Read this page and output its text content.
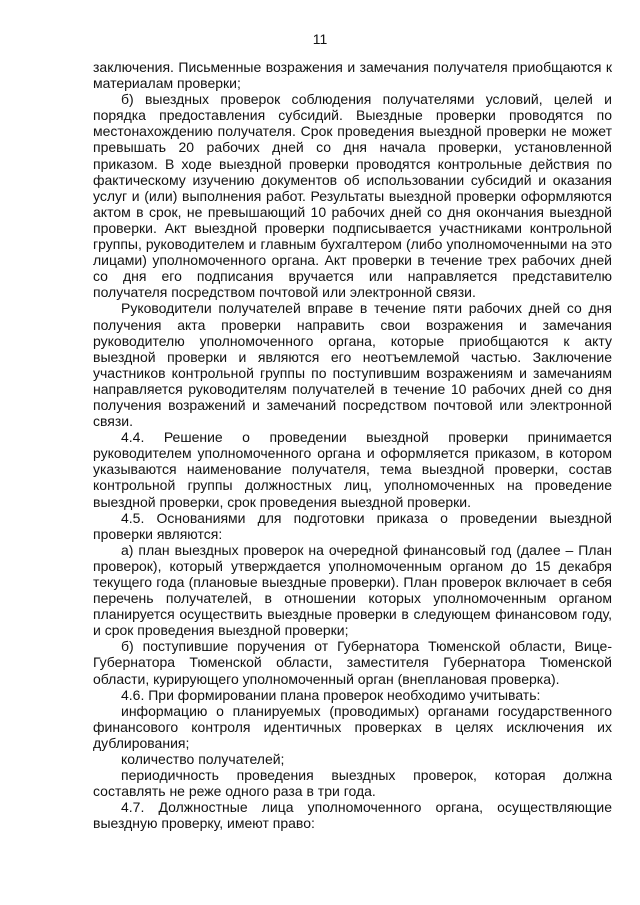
11

заключения. Письменные возражения и замечания получателя приобщаются к материалам проверки;

б) выездных проверок соблюдения получателями условий, целей и порядка предоставления субсидий. Выездные проверки проводятся по местонахождению получателя. Срок проведения выездной проверки не может превышать 20 рабочих дней со дня начала проверки, установленной приказом. В ходе выездной проверки проводятся контрольные действия по фактическому изучению документов об использовании субсидий и оказания услуг и (или) выполнения работ. Результаты выездной проверки оформляются актом в срок, не превышающий 10 рабочих дней со дня окончания выездной проверки. Акт выездной проверки подписывается участниками контрольной группы, руководителем и главным бухгалтером (либо уполномоченными на это лицами) уполномоченного органа. Акт проверки в течение трех рабочих дней со дня его подписания вручается или направляется представителю получателя посредством почтовой или электронной связи.

Руководители получателей вправе в течение пяти рабочих дней со дня получения акта проверки направить свои возражения и замечания руководителю уполномоченного органа, которые приобщаются к акту выездной проверки и являются его неотъемлемой частью. Заключение участников контрольной группы по поступившим возражениям и замечаниям направляется руководителям получателей в течение 10 рабочих дней со дня получения возражений и замечаний посредством почтовой или электронной связи.

4.4. Решение о проведении выездной проверки принимается руководителем уполномоченного органа и оформляется приказом, в котором указываются наименование получателя, тема выездной проверки, состав контрольной группы должностных лиц, уполномоченных на проведение выездной проверки, срок проведения выездной проверки.

4.5. Основаниями для подготовки приказа о проведении выездной проверки являются:

а) план выездных проверок на очередной финансовый год (далее – План проверок), который утверждается уполномоченным органом до 15 декабря текущего года (плановые выездные проверки). План проверок включает в себя перечень получателей, в отношении которых уполномоченным органом планируется осуществить выездные проверки в следующем финансовом году, и срок проведения выездной проверки;

б) поступившие поручения от Губернатора Тюменской области, Вице-Губернатора Тюменской области, заместителя Губернатора Тюменской области, курирующего уполномоченный орган (внеплановая проверка).

4.6. При формировании плана проверок необходимо учитывать:

информацию о планируемых (проводимых) органами государственного финансового контроля идентичных проверках в целях исключения их дублирования;

количество получателей;

периодичность проведения выездных проверок, которая должна составлять не реже одного раза в три года.

4.7. Должностные лица уполномоченного органа, осуществляющие выездную проверку, имеют право:
